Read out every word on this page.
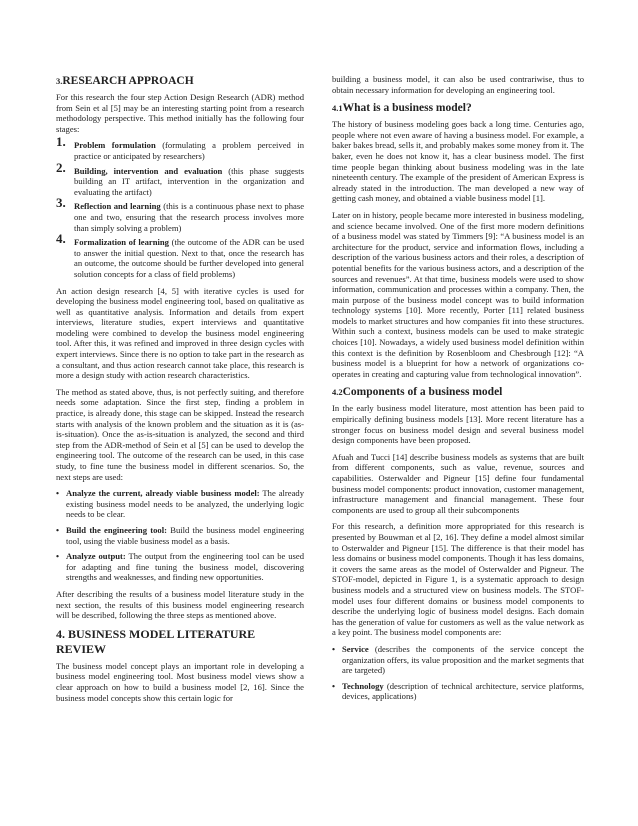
3.RESEARCH APPROACH

For this research the four step Action Design Research (ADR) method from Sein et al [5] may be an interesting starting point from a research methodology perspective. This method initially has the following four stages:

1. Problem formulation (formulating a problem perceived in practice or anticipated by researchers)
2. Building, intervention and evaluation (this phase suggests building an IT artifact, intervention in the organization and evaluating the artifact)
3. Reflection and learning (this is a continuous phase next to phase one and two, ensuring that the research process involves more than simply solving a problem)
4. Formalization of learning (the outcome of the ADR can be used to answer the initial question. Next to that, once the research has an outcome, the outcome should be further developed into general solution concepts for a class of field problems)

An action design research [4, 5] with iterative cycles is used for developing the business model engineering tool, based on qualitative as well as quantitative analysis. Information and details from expert interviews, literature studies, expert interviews and quantitative modeling were combined to develop the business model engineering tool. After this, it was refined and improved in three design cycles with expert interviews. Since there is no option to take part in the research as a consultant, and thus action research cannot take place, this research is more a design study with action research characteristics.

The method as stated above, thus, is not perfectly suiting, and therefore needs some adaptation. Since the first step, finding a problem in practice, is already done, this stage can be skipped. Instead the research starts with analysis of the known problem and the situation as it is (as-is-situation). Once the as-is-situation is analyzed, the second and third step from the ADR-method of Sein et al [5] can be used to develop the engineering tool. The outcome of the research can be used, in this case study, to fine tune the business model in different scenarios. So, the next steps are used:

• Analyze the current, already viable business model: The already existing business model needs to be analyzed, the underlying logic needs to be clear.
• Build the engineering tool: Build the business model engineering tool, using the viable business model as a basis.
• Analyze output: The output from the engineering tool can be used for adapting and fine tuning the business model, discovering strengths and weaknesses, and finding new opportunities.

After describing the results of a business model literature study in the next section, the results of this business model engineering research will be described, following the three steps as mentioned above.

4. BUSINESS MODEL LITERATURE REVIEW

The business model concept plays an important role in developing a business model engineering tool. Most business model views show a clear approach on how to build a business model [2, 16]. Since the business model concepts show this certain logic for

building a business model, it can also be used contrariwise, thus to obtain necessary information for developing an engineering tool.

4.1What is a business model?

The history of business modeling goes back a long time. Centuries ago, people where not even aware of having a business model. For example, a baker bakes bread, sells it, and probably makes some money from it. The baker, even he does not know it, has a clear business model. The first time people began thinking about business modeling was in the late nineteenth century. The example of the president of American Express is already stated in the introduction. The man developed a new way of getting cash money, and obtained a viable business model [1].

Later on in history, people became more interested in business modeling, and science became involved. One of the first more modern definitions of a business model was stated by Timmers [9]: “A business model is an architecture for the product, service and information flows, including a description of the various business actors and their roles, a description of potential benefits for the various business actors, and a description of the sources and revenues”. At that time, business models were used to show information, communication and processes within a company. Then, the main purpose of the business model concept was to build information technology systems [10]. More recently, Porter [11] related business models to market structures and how companies fit into these structures. Within such a context, business models can be used to make strategic choices [10]. Nowadays, a widely used business model definition within this context is the definition by Rosenbloom and Chesbrough [12]: “A business model is a blueprint for how a network of organizations co-operates in creating and capturing value from technological innovation”.

4.2Components of a business model

In the early business model literature, most attention has been paid to empirically defining business models [13]. More recent literature has a stronger focus on business model design and several business model design components have been proposed.

Afuah and Tucci [14] describe business models as systems that are built from different components, such as value, revenue, sources and capabilities. Osterwalder and Pigneur [15] define four fundamental business model components: product innovation, customer management, infrastructure management and financial management. These four components are used to group all their subcomponents

For this research, a definition more appropriated for this research is presented by Bouwman et al [2, 16]. They define a model almost similar to Osterwalder and Pigneur [15]. The difference is that their model has less domains or business model components. Though it has less domains, it covers the same areas as the model of Osterwalder and Pigneur. The STOF-model, depicted in Figure 1, is a systematic approach to design business models and a structured view on business models. The STOF-model uses four different domains or business model components to describe the underlying logic of business model designs. Each domain has the generation of value for customers as well as the value network as a key point. The business model components are:

• Service (describes the components of the service concept the organization offers, its value proposition and the market segments that are targeted)
• Technology (description of technical architecture, service platforms, devices, applications)
